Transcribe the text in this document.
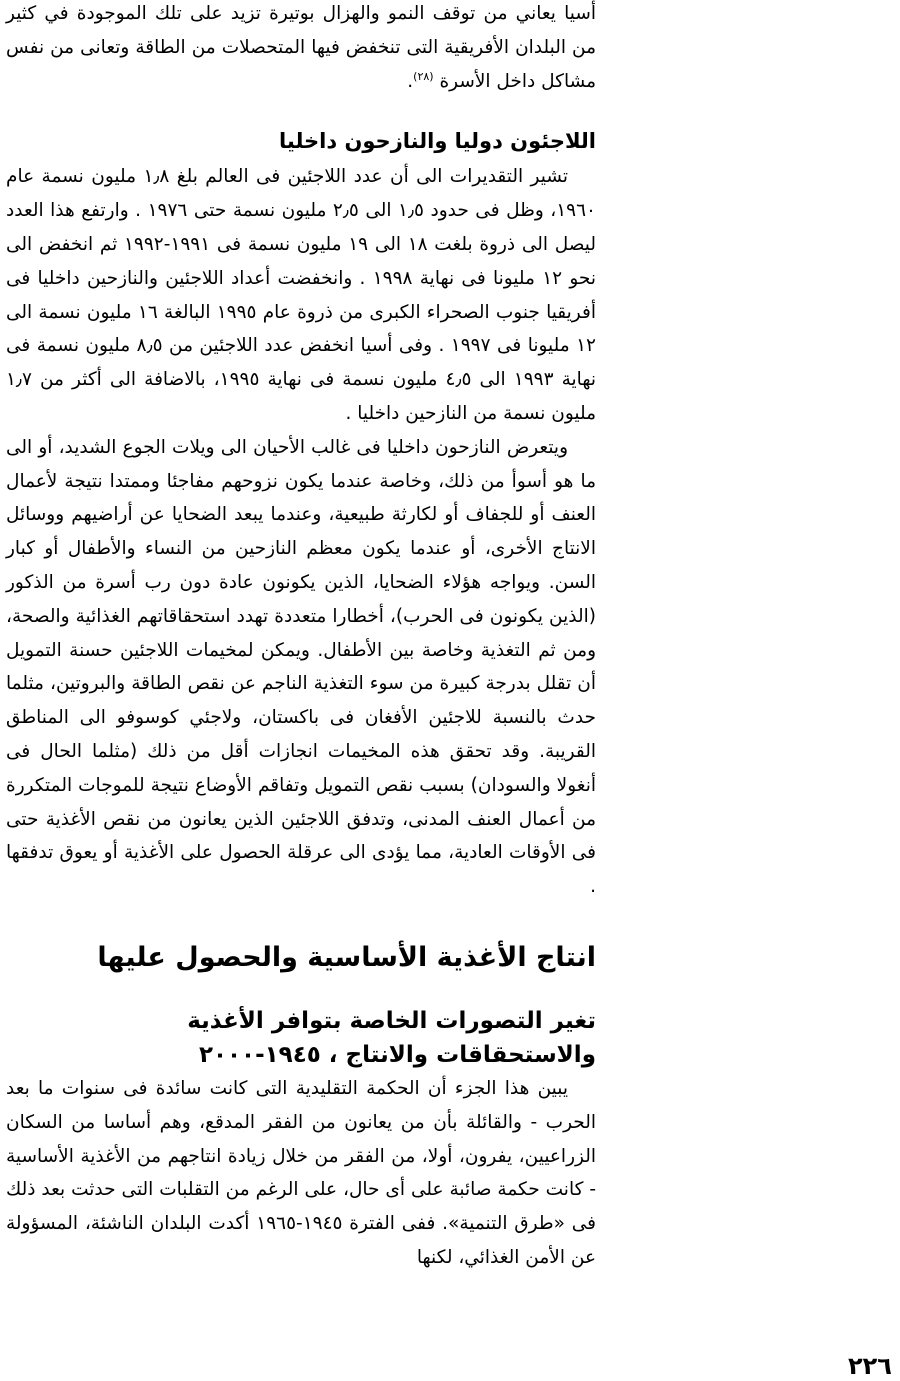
أسيا يعاني من توقف النمو والهزال بوتيرة تزيد على تلك الموجودة في كثير من البلدان الأفريقية التى تنخفض فيها المتحصلات من الطاقة وتعانى من نفس مشاكل داخل الأسرة $^{(٢٨)}$.

اللاجئون دوليا والنازحون داخليا

تشير التقديرات الى أن عدد اللاجئين فى العالم بلغ ١٫٨ مليون نسمة عام ١٩٦٠، وظل فى حدود ١٫٥ الى ٢٫٥ مليون نسمة حتى ١٩٧٦ . وارتفع هذا العدد ليصل الى ذروة بلغت ١٨ الى ١٩ مليون نسمة فى ١٩٩١-١٩٩٢ ثم انخفض الى نحو ١٢ مليونا فى نهاية ١٩٩٨ . وانخفضت أعداد اللاجئين والنازحين داخليا فى أفريقيا جنوب الصحراء الكبرى من ذروة عام ١٩٩٥ البالغة ١٦ مليون نسمة الى ١٢ مليونا فى ١٩٩٧ . وفى أسيا انخفض عدد اللاجئين من ٨٫٥ مليون نسمة فى نهاية ١٩٩٣ الى ٤٫٥ مليون نسمة فى نهاية ١٩٩٥، بالاضافة الى أكثر من ١٫٧ مليون نسمة من النازحين داخليا .

ويتعرض النازحون داخليا فى غالب الأحيان الى ويلات الجوع الشديد، أو الى ما هو أسوأ من ذلك، وخاصة عندما يكون نزوحهم مفاجئا وممتدا نتيجة لأعمال العنف أو للجفاف أو لكارثة طبيعية، وعندما يبعد الضحايا عن أراضيهم ووسائل الانتاج الأخرى، أو عندما يكون معظم النازحين من النساء والأطفال أو كبار السن. ويواجه هؤلاء الضحايا، الذين يكونون عادة دون رب أسرة من الذكور (الذين يكونون فى الحرب)، أخطارا متعددة تهدد استحقاقاتهم الغذائية والصحة، ومن ثم التغذية وخاصة بين الأطفال. ويمكن لمخيمات اللاجئين حسنة التمويل أن تقلل بدرجة كبيرة من سوء التغذية الناجم عن نقص الطاقة والبروتين، مثلما حدث بالنسبة للاجئين الأفغان فى باكستان، ولاجئي كوسوفو الى المناطق القريبة. وقد تحقق هذه المخيمات انجازات أقل من ذلك (مثلما الحال فى أنغولا والسودان) بسبب نقص التمويل وتفاقم الأوضاع نتيجة للموجات المتكررة من أعمال العنف المدنى، وتدفق اللاجئين الذين يعانون من نقص الأغذية حتى فى الأوقات العادية، مما يؤدى الى عرقلة الحصول على الأغذية أو يعوق تدفقها .

انتاج الأغذية الأساسية والحصول عليها
تغير التصورات الخاصة بتوافر الأغذية
والاستحقاقات والانتاج ، ١٩٤٥-٢٠٠٠

يبين هذا الجزء أن الحكمة التقليدية التى كانت سائدة فى سنوات ما بعد الحرب - والقائلة بأن من يعانون من الفقر المدقع، وهم أساسا من السكان الزراعيين، يفرون، أولا، من الفقر من خلال زيادة انتاجهم من الأغذية الأساسية - كانت حكمة صائبة على أى حال، على الرغم من التقلبات التى حدثت بعد ذلك فى «طرق التنمية». ففى الفترة ١٩٤٥-١٩٦٥ أكدت البلدان الناشئة، المسؤولة عن الأمن الغذائي، لكنها

٢٢٦
